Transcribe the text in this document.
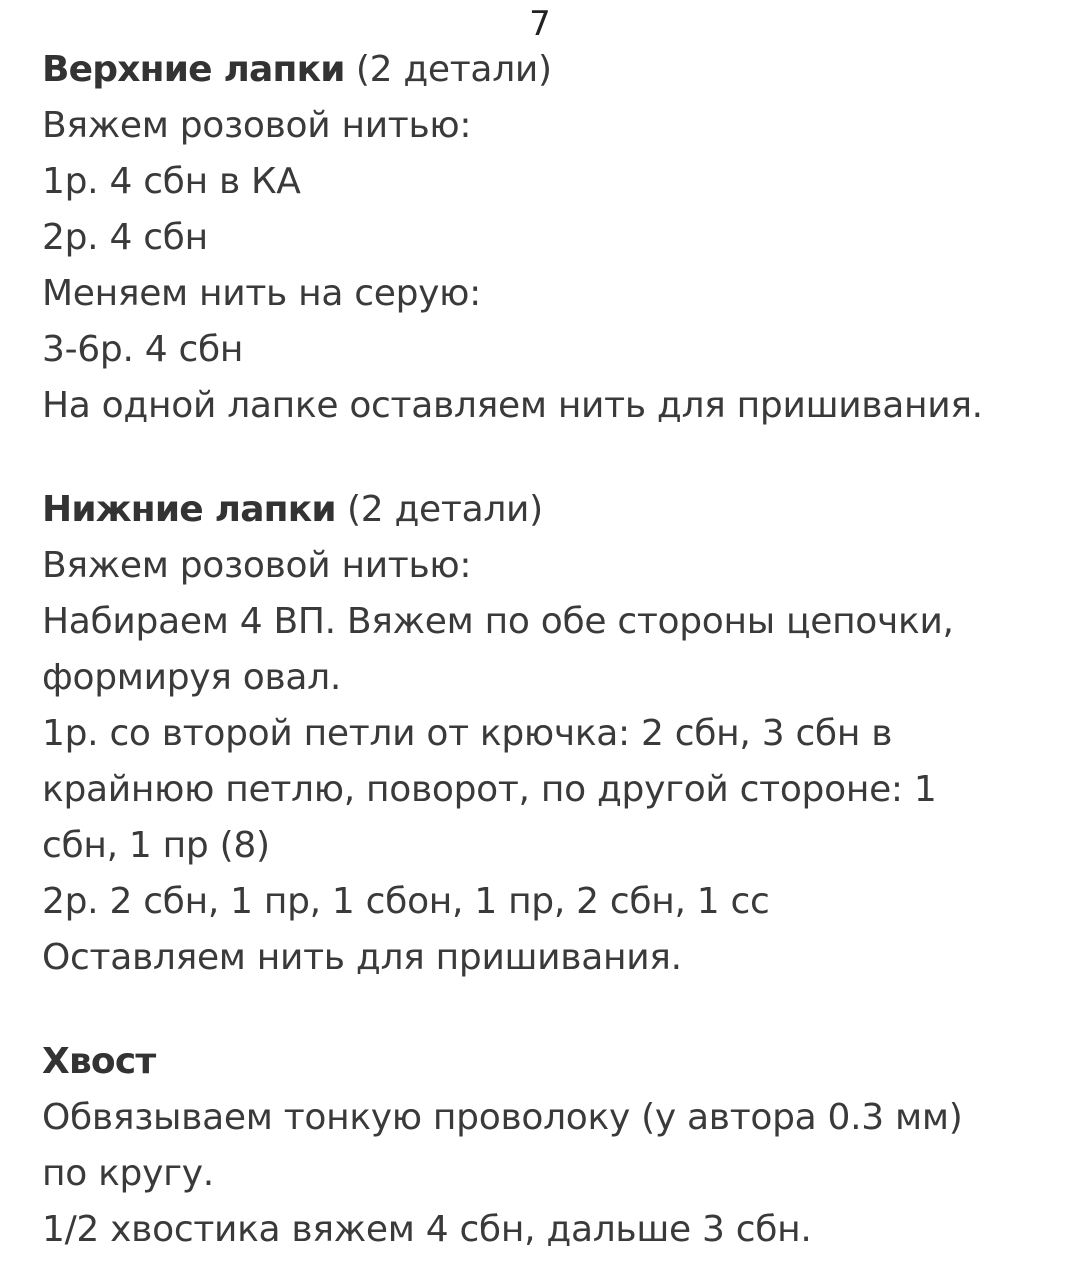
7
Верхние лапки (2 детали)
Вяжем розовой нитью:
1р. 4 сбн в КА
2р. 4 сбн
Меняем нить на серую:
3-6р. 4 сбн
На одной лапке оставляем нить для пришивания.
Нижние лапки (2 детали)
Вяжем розовой нитью:
Набираем 4 ВП. Вяжем по обе стороны цепочки,
формируя овал.
1р. со второй петли от крючка: 2 сбн, 3 сбн в
крайнюю петлю, поворот, по другой стороне: 1
сбн, 1 пр (8)
2р. 2 сбн, 1 пр, 1 сбон, 1 пр, 2 сбн, 1 сс
Оставляем нить для пришивания.
Хвост
Обвязываем тонкую проволоку (у автора 0.3 мм)
по кругу.
1/2 хвостика вяжем 4 сбн, дальше 3 сбн.
